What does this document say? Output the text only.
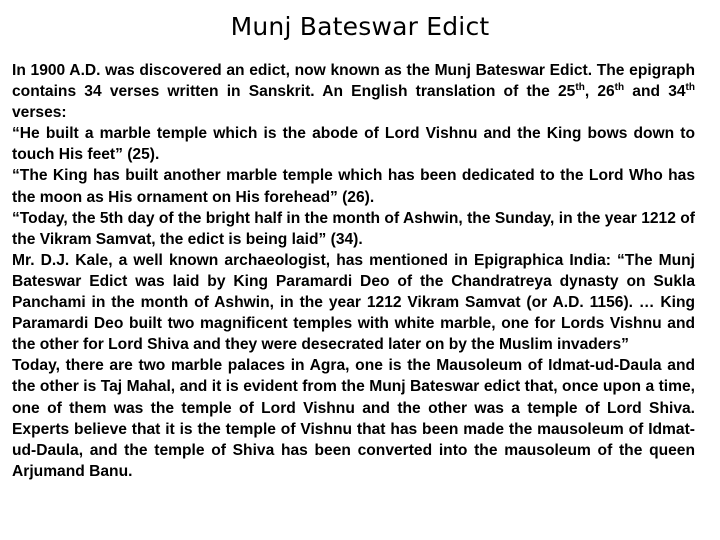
Munj Bateswar Edict

In 1900 A.D. was discovered an edict, now known as the Munj Bateswar Edict. The epigraph contains 34 verses written in Sanskrit. An English translation of the 25th, 26th and 34th verses:

“He built a marble temple which is the abode of Lord Vishnu and the King bows down to touch His feet” (25).

“The King has built another marble temple which has been dedicated to the Lord Who has the moon as His ornament on His forehead” (26).

“Today, the 5th day of the bright half in the month of Ashwin, the Sunday, in the year 1212 of the Vikram Samvat, the edict is being laid” (34).

Mr. D.J. Kale, a well known archaeologist, has mentioned in Epigraphica India: “The Munj Bateswar Edict was laid by King Paramardi Deo of the Chandratreya dynasty on Sukla Panchami in the month of Ashwin, in the year 1212 Vikram Samvat (or A.D. 1156). … King Paramardi Deo built two magnificent temples with white marble, one for Lords Vishnu and the other for Lord Shiva and they were desecrated later on by the Muslim invaders”

Today, there are two marble palaces in Agra, one is the Mausoleum of Idmat-ud-Daula and the other is Taj Mahal, and it is evident from the Munj Bateswar edict that, once upon a time, one of them was the temple of Lord Vishnu and the other was a temple of Lord Shiva. Experts believe that it is the temple of Vishnu that has been made the mausoleum of Idmat-ud-Daula, and the temple of Shiva has been converted into the mausoleum of the queen Arjumand Banu.
